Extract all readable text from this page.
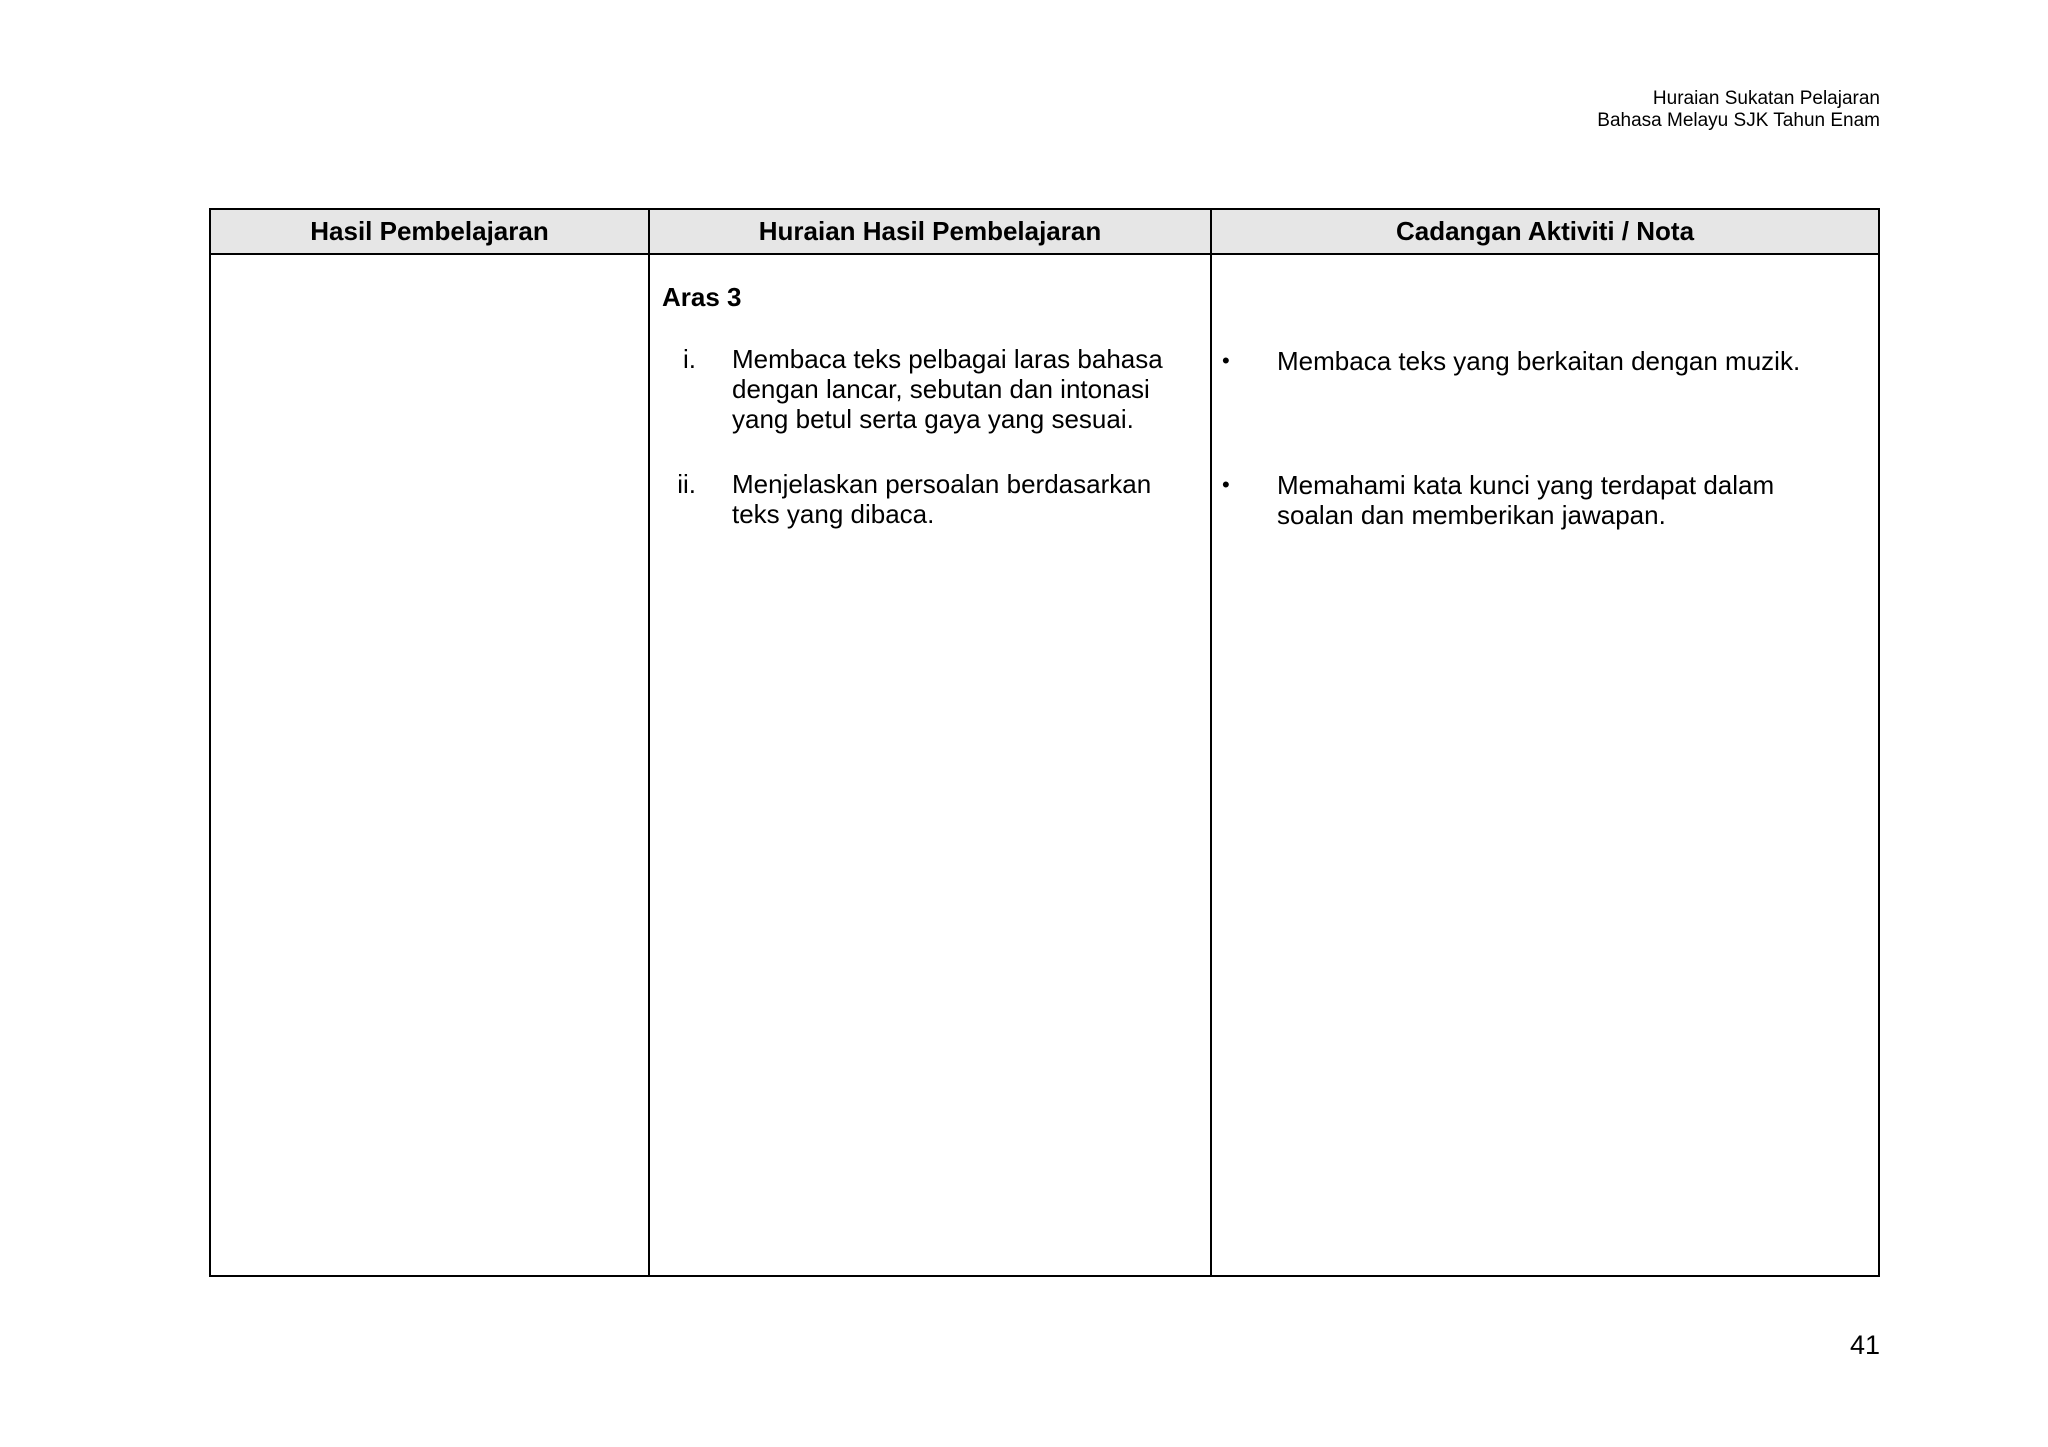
Huraian Sukatan Pelajaran
Bahasa Melayu SJK Tahun Enam
Hasil Pembelajaran	Huraian Hasil Pembelajaran	Cadangan Aktiviti / Nota
Aras 3
i. Membaca teks pelbagai laras bahasa
dengan lancar, sebutan dan intonasi
yang betul serta gaya yang sesuai.
ii. Menjelaskan persoalan berdasarkan
teks yang dibaca.
• Membaca teks yang berkaitan dengan muzik.
• Memahami kata kunci yang terdapat dalam
soalan dan memberikan jawapan.
41
